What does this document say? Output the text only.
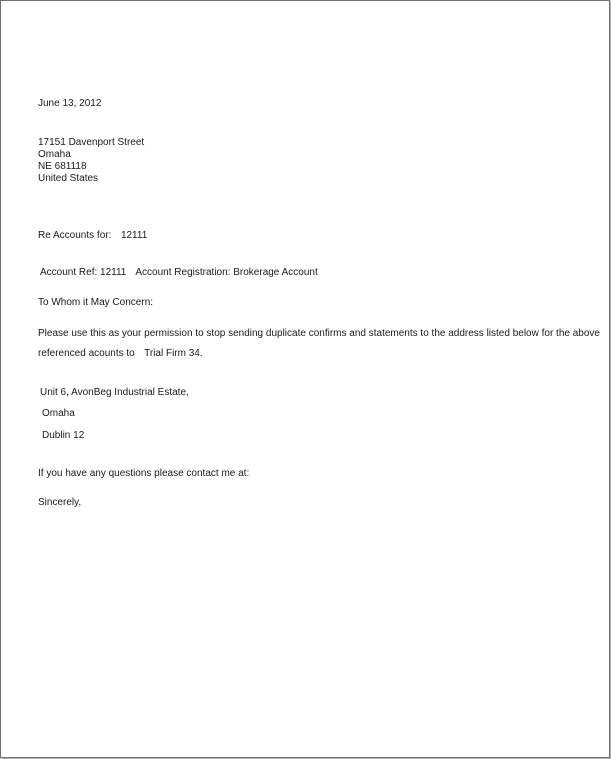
June 13, 2012
17151 Davenport Street
Omaha
NE 681118
United States
Re Accounts for: 12111
Account Ref: 12111 Account Registration: Brokerage Account
To Whom it May Concern:
Please use this as your permission to stop sending duplicate confirms and statements to the address listed below for the above
referenced acounts to Trial Firm 34.
Unit 6, AvonBeg Industrial Estate,
Omaha
Dublin 12
If you have any questions please contact me at:
Sincerely,
